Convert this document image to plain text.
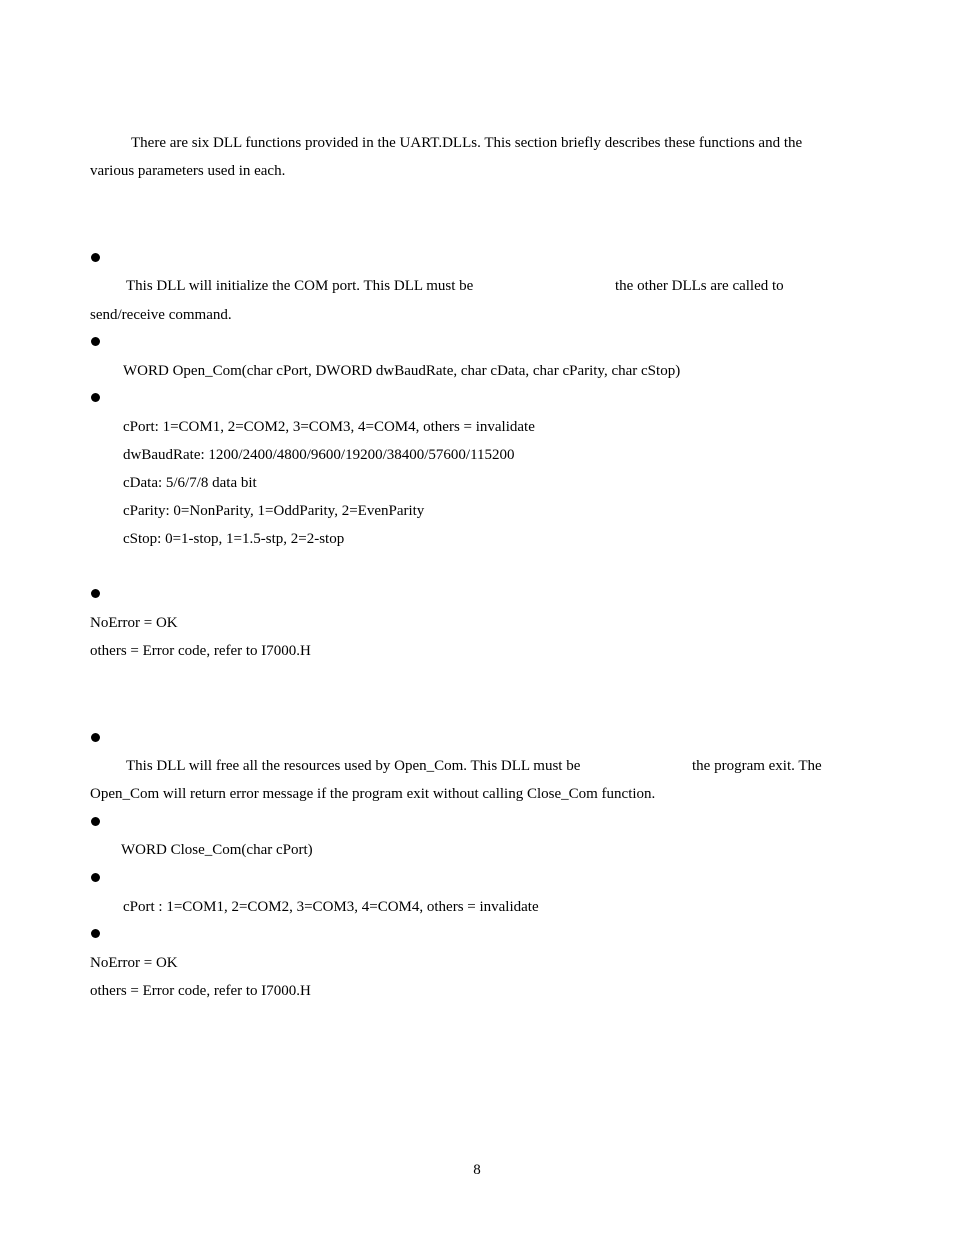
There are six DLL functions provided in the UART.DLLs. This section briefly describes these functions and the
various parameters used in each.
This DLL will initialize the COM port. This DLL must be	the other DLLs are called to
send/receive command.
WORD Open_Com(char cPort, DWORD dwBaudRate, char cData, char cParity, char cStop)
cPort: 1=COM1, 2=COM2, 3=COM3, 4=COM4, others = invalidate
dwBaudRate: 1200/2400/4800/9600/19200/38400/57600/115200
cData: 5/6/7/8 data bit
cParity: 0=NonParity, 1=OddParity, 2=EvenParity
cStop: 0=1-stop, 1=1.5-stp, 2=2-stop
NoError = OK
others = Error code, refer to I7000.H
This DLL will free all the resources used by Open_Com. This DLL must be	the program exit. The
Open_Com will return error message if the program exit without calling Close_Com function.
WORD Close_Com(char cPort)
cPort : 1=COM1, 2=COM2, 3=COM3, 4=COM4, others = invalidate
NoError = OK
others = Error code, refer to I7000.H
8
